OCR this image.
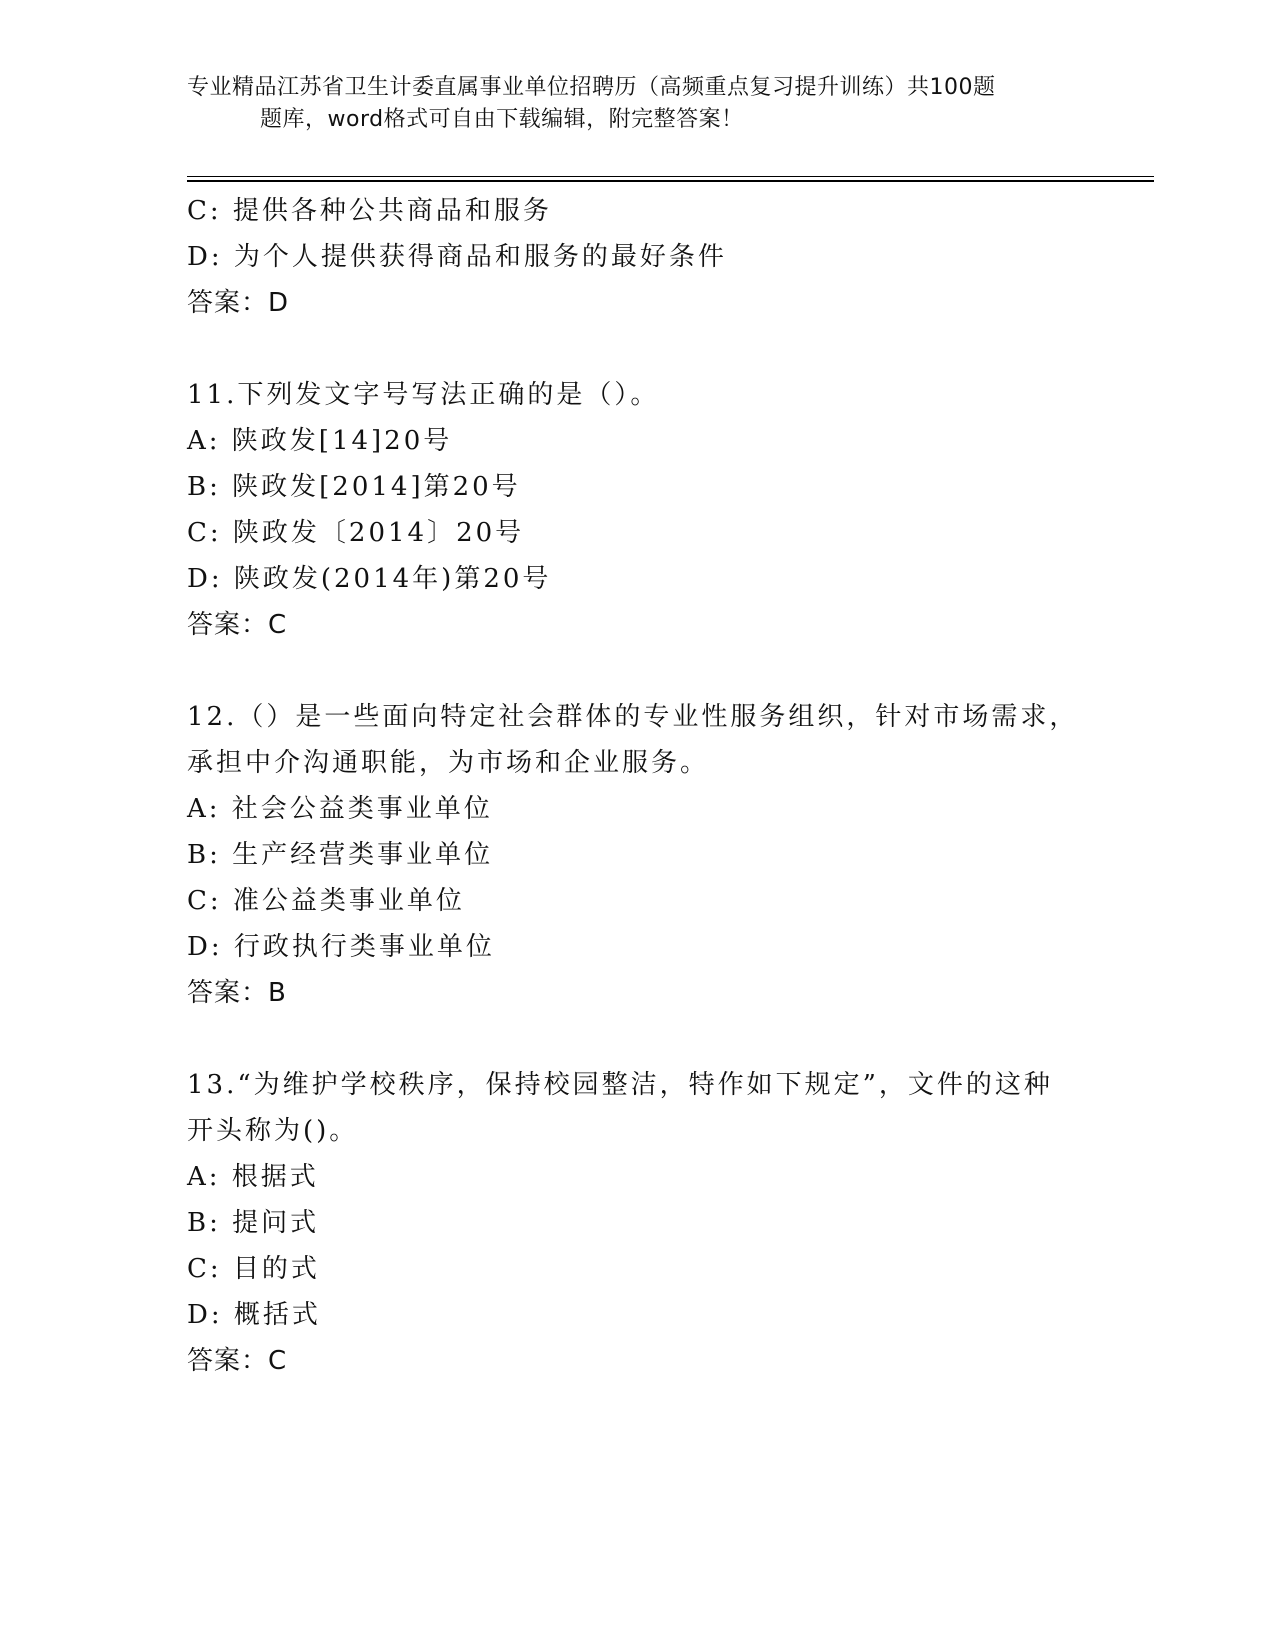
专业精品江苏省卫生计委直属事业单位招聘历（高频重点复习提升训练）共100题
题库，word格式可自由下载编辑，附完整答案！
C: 提供各种公共商品和服务
D: 为个人提供获得商品和服务的最好条件
答案：D
11.下列发文字号写法正确的是（）。
A: 陕政发[14]20号
B: 陕政发[2014]第20号
C: 陕政发〔2014〕20号
D: 陕政发(2014年)第20号
答案：C
12.（）是一些面向特定社会群体的专业性服务组织，针对市场需求，
承担中介沟通职能，为市场和企业服务。
A: 社会公益类事业单位
B: 生产经营类事业单位
C: 准公益类事业单位
D: 行政执行类事业单位
答案：B
13.“为维护学校秩序，保持校园整洁，特作如下规定”，文件的这种
开头称为()。
A: 根据式
B: 提问式
C: 目的式
D: 概括式
答案：C
